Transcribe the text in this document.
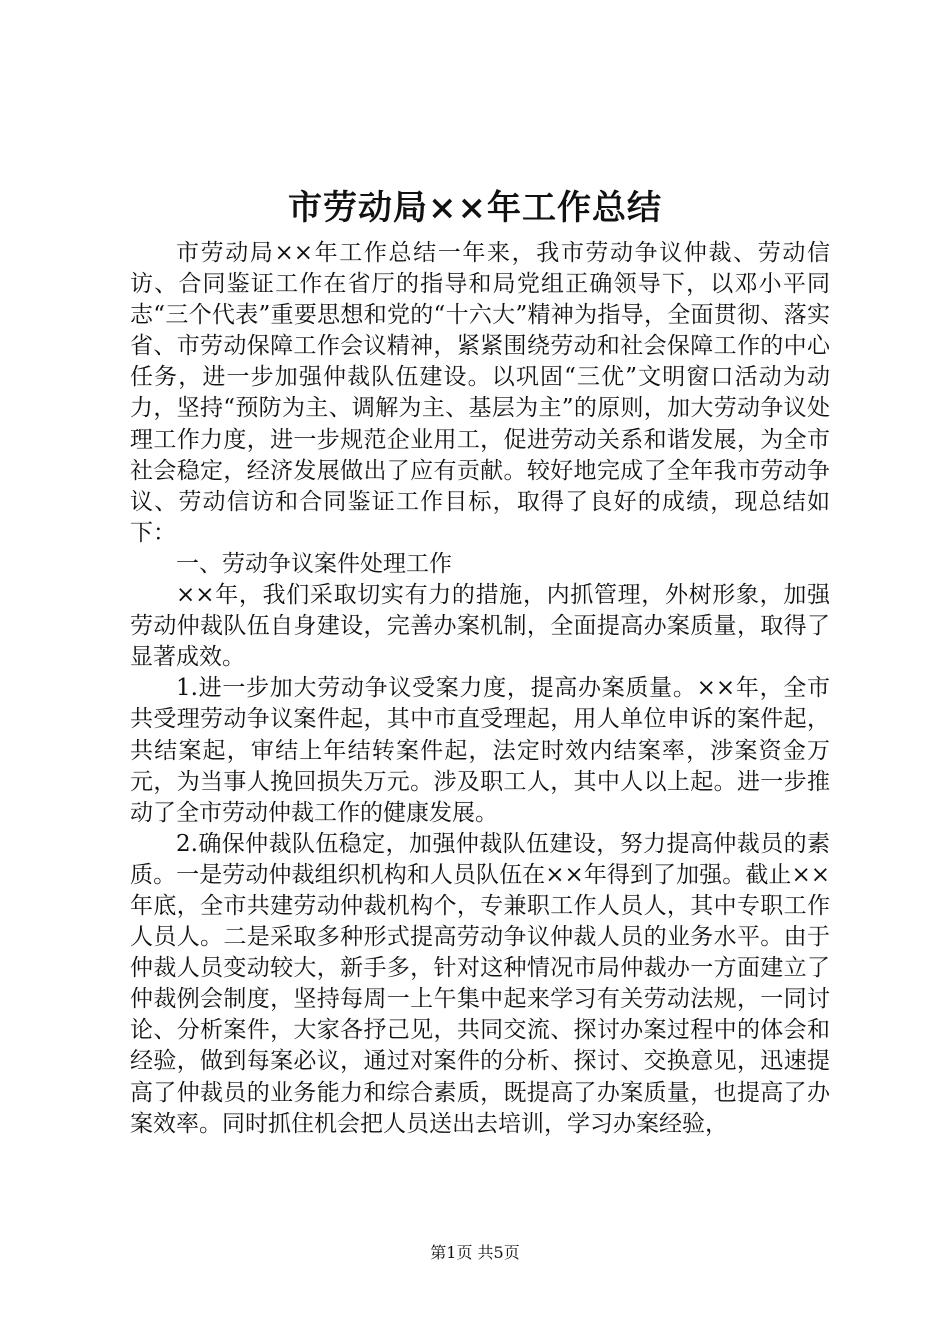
市劳动局××年工作总结

市劳动局××年工作总结一年来，我市劳动争议仲裁、劳动信访、合同鉴证工作在省厅的指导和局党组正确领导下，以邓小平同志“三个代表”重要思想和党的“十六大”精神为指导，全面贯彻、落实省、市劳动保障工作会议精神，紧紧围绕劳动和社会保障工作的中心任务，进一步加强仲裁队伍建设。以巩固“三优”文明窗口活动为动力，坚持“预防为主、调解为主、基层为主”的原则，加大劳动争议处理工作力度，进一步规范企业用工，促进劳动关系和谐发展，为全市社会稳定，经济发展做出了应有贡献。较好地完成了全年我市劳动争议、劳动信访和合同鉴证工作目标，取得了良好的成绩，现总结如下：

一、劳动争议案件处理工作

××年，我们采取切实有力的措施，内抓管理，外树形象，加强劳动仲裁队伍自身建设，完善办案机制，全面提高办案质量，取得了显著成效。

1.进一步加大劳动争议受案力度，提高办案质量。××年，全市共受理劳动争议案件起，其中市直受理起，用人单位申诉的案件起，共结案起，审结上年结转案件起，法定时效内结案率，涉案资金万元，为当事人挽回损失万元。涉及职工人，其中人以上起。进一步推动了全市劳动仲裁工作的健康发展。

2.确保仲裁队伍稳定，加强仲裁队伍建设，努力提高仲裁员的素质。一是劳动仲裁组织机构和人员队伍在××年得到了加强。截止××年底，全市共建劳动仲裁机构个，专兼职工作人员人，其中专职工作人员人。二是采取多种形式提高劳动争议仲裁人员的业务水平。由于仲裁人员变动较大，新手多，针对这种情况市局仲裁办一方面建立了仲裁例会制度，坚持每周一上午集中起来学习有关劳动法规，一同讨论、分析案件，大家各抒己见，共同交流、探讨办案过程中的体会和经验，做到每案必议，通过对案件的分析、探讨、交换意见，迅速提高了仲裁员的业务能力和综合素质，既提高了办案质量，也提高了办案效率。同时抓住机会把人员送出去培训，学习办案经验，

第1页 共5页
